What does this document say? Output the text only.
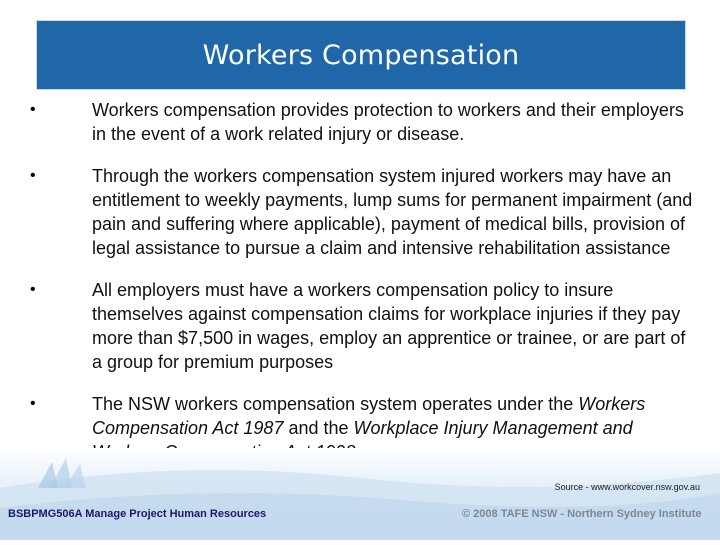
Workers Compensation
•	Workers compensation provides protection to workers and their employers in the event of a work related injury or disease.
•	Through the workers compensation system injured workers may have an entitlement to weekly payments, lump sums for permanent impairment (and pain and suffering where applicable), payment of medical bills, provision of legal assistance to pursue a claim and intensive rehabilitation assistance
•	All employers must have a workers compensation policy to insure themselves against compensation claims for workplace injuries if they pay more than $7,500 in wages, employ an apprentice or trainee, or are part of a group for premium purposes
•	The NSW workers compensation system operates under the Workers Compensation Act 1987 and the Workplace Injury Management and
Source - www.workcover.nsw.gov.au
BSBPMG506A Manage Project Human Resources	© 2008 TAFE NSW - Northern Sydney Institute
